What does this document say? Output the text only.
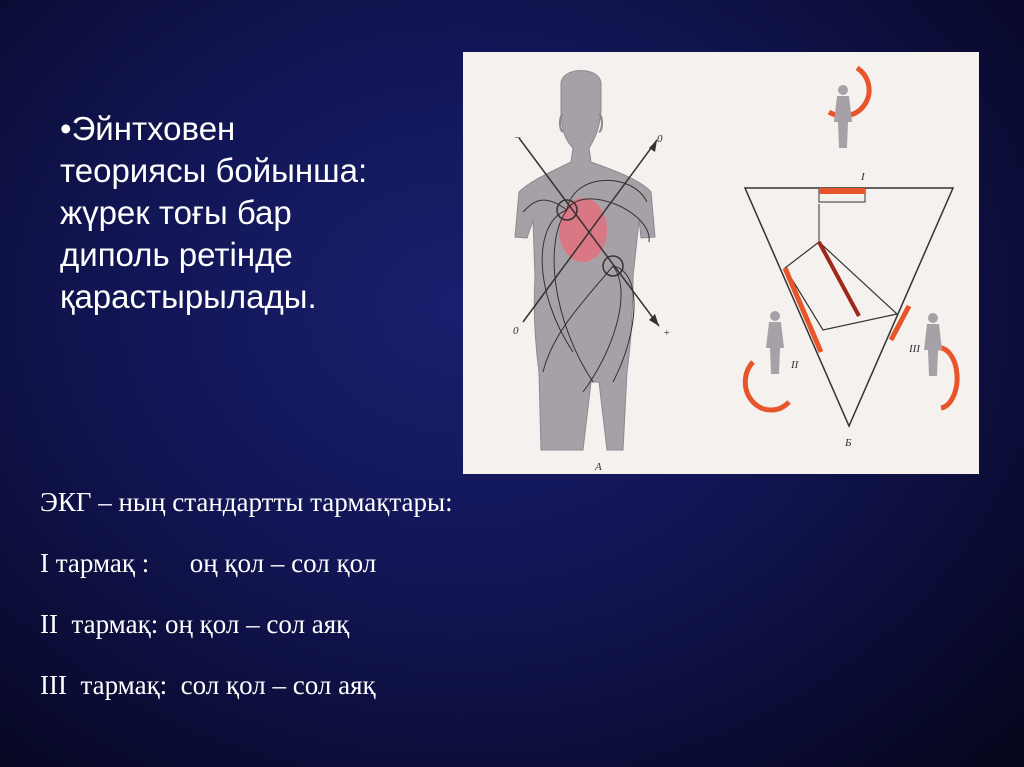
•Эйнтховен
теориясы бойынша:
жүрек тоғы бар
диполь ретінде
қарастырылады.
–
+
0
0
A
I
II
III
Б
ЭКГ – ның стандартты тармақтары:
I тармақ :      оң қол – сол қол
II  тармақ: оң қол – сол аяқ
III  тармақ:  сол қол – сол аяқ
